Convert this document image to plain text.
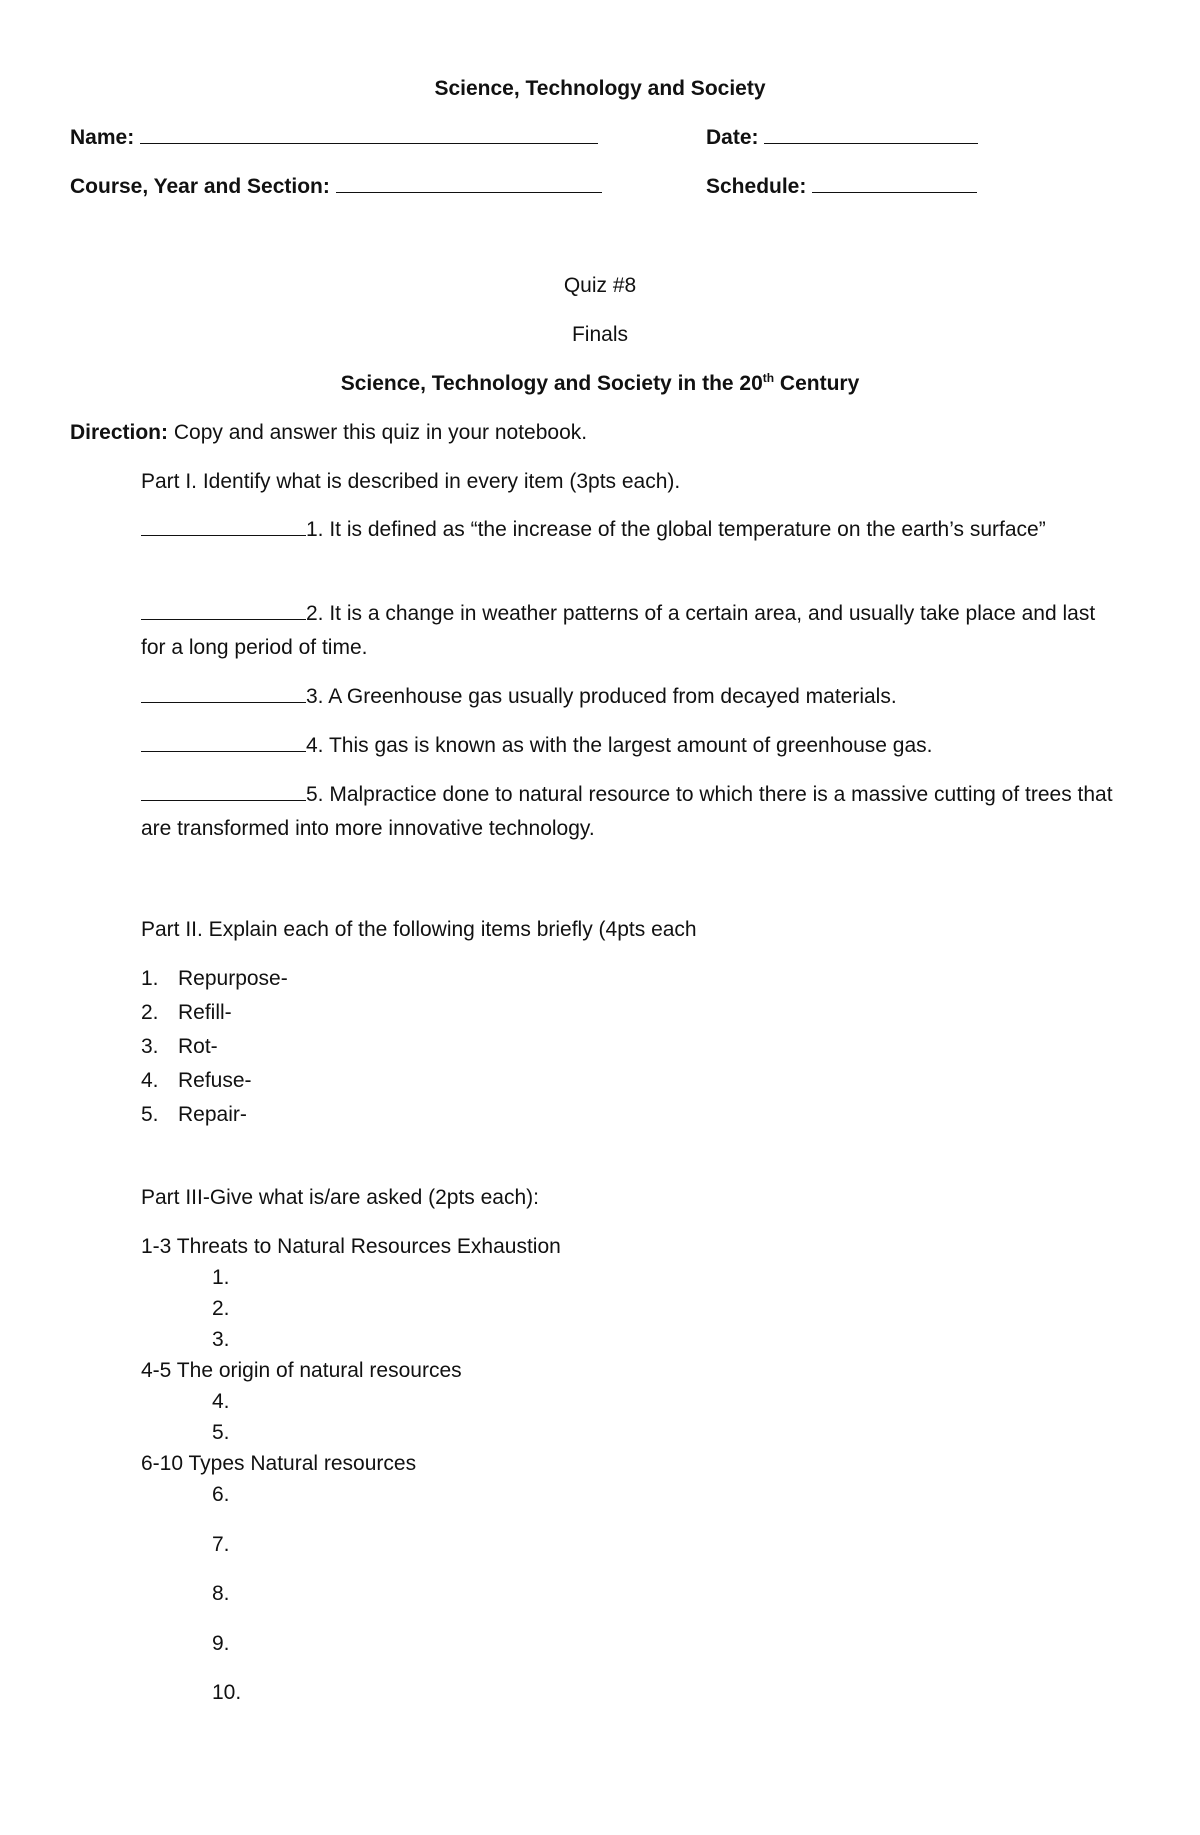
Science, Technology and Society
Name:	Date:
Course, Year and Section:	Schedule:
Quiz #8
Finals
Science, Technology and Society in the 20th Century
Direction: Copy and answer this quiz in your notebook.
Part I. Identify what is described in every item (3pts each).
1. It is defined as “the increase of the global temperature on the earth’s surface”
2. It is a change in weather patterns of a certain area, and usually take place and last for a long period of time.
3. A Greenhouse gas usually produced from decayed materials.
4. This gas is known as with the largest amount of greenhouse gas.
5. Malpractice done to natural resource to which there is a massive cutting of trees that are transformed into more innovative technology.
Part II. Explain each of the following items briefly (4pts each
1. Repurpose-
2. Refill-
3. Rot-
4. Refuse-
5. Repair-
Part III-Give what is/are asked (2pts each):
1-3 Threats to Natural Resources Exhaustion
1.
2.
3.
4-5 The origin of natural resources
4.
5.
6-10 Types Natural resources
6.
7.
8.
9.
10.
